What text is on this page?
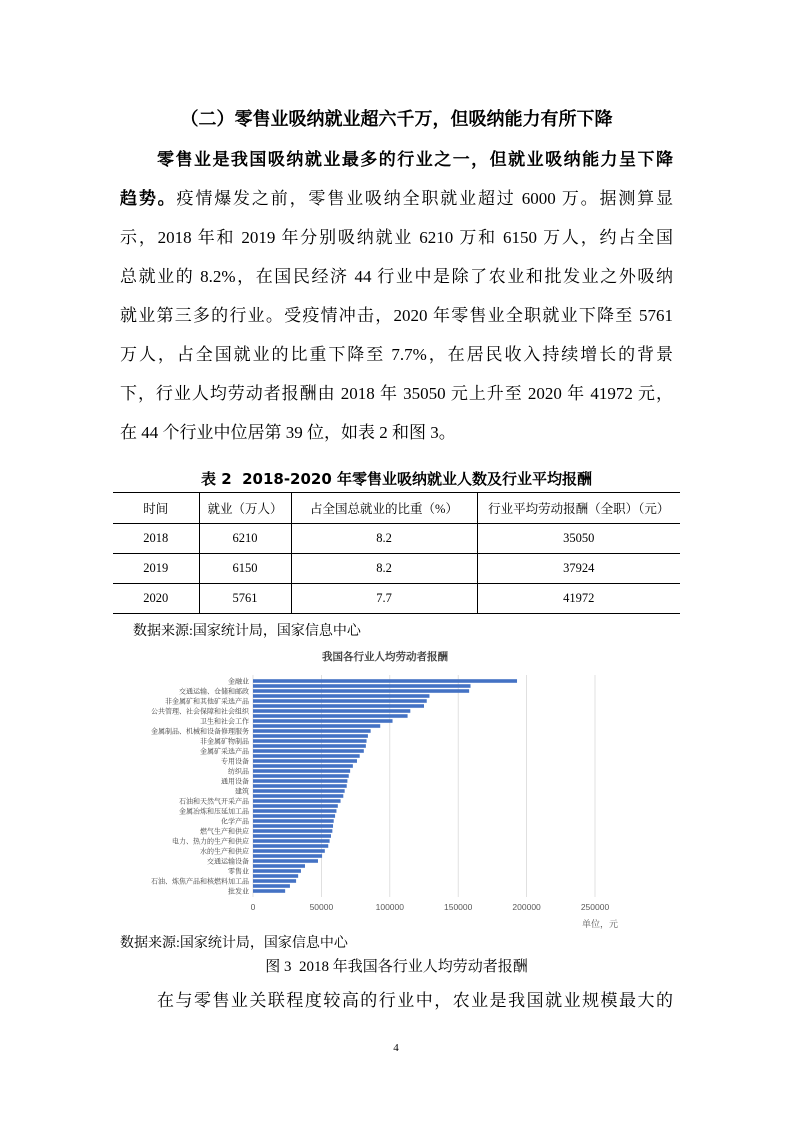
（二）零售业吸纳就业超六千万，但吸纳能力有所下降
零售业是我国吸纳就业最多的行业之一，但就业吸纳能力呈下降
趋势。疫情爆发之前，零售业吸纳全职就业超过 6000 万。据测算显
示，2018 年和 2019 年分别吸纳就业 6210 万和 6150 万人，约占全国
总就业的 8.2%，在国民经济 44 行业中是除了农业和批发业之外吸纳
就业第三多的行业。受疫情冲击，2020 年零售业全职就业下降至 5761
万人，占全国就业的比重下降至 7.7%，在居民收入持续增长的背景
下，行业人均劳动者报酬由 2018 年 35050 元上升至 2020 年 41972 元，
在 44 个行业中位居第 39 位，如表 2 和图 3。
表 2  2018-2020 年零售业吸纳就业人数及行业平均报酬
时间	就业（万人）	占全国总就业的比重（%）	行业平均劳动报酬（全职）（元）
2018	6210	8.2	35050
2019	6150	8.2	37924
2020	5761	7.7	41972
数据来源:国家统计局，国家信息中心
我国各行业人均劳动者报酬
金融业
交通运输、仓储和邮政
非金属矿和其他矿采选产品
公共管理、社会保障和社会组织
卫生和社会工作
金属制品、机械和设备修理服务
非金属矿物制品
金属矿采选产品
专用设备
纺织品
通用设备
建筑
石油和天然气开采产品
金属冶炼和压延加工品
化学产品
燃气生产和供应
电力、热力的生产和供应
水的生产和供应
交通运输设备
零售业
石油、炼焦产品和核燃料加工品
批发业
0	50000	100000	150000	200000	250000
单位，元
数据来源:国家统计局，国家信息中心
图 3  2018 年我国各行业人均劳动者报酬
在与零售业关联程度较高的行业中，农业是我国就业规模最大的
4
